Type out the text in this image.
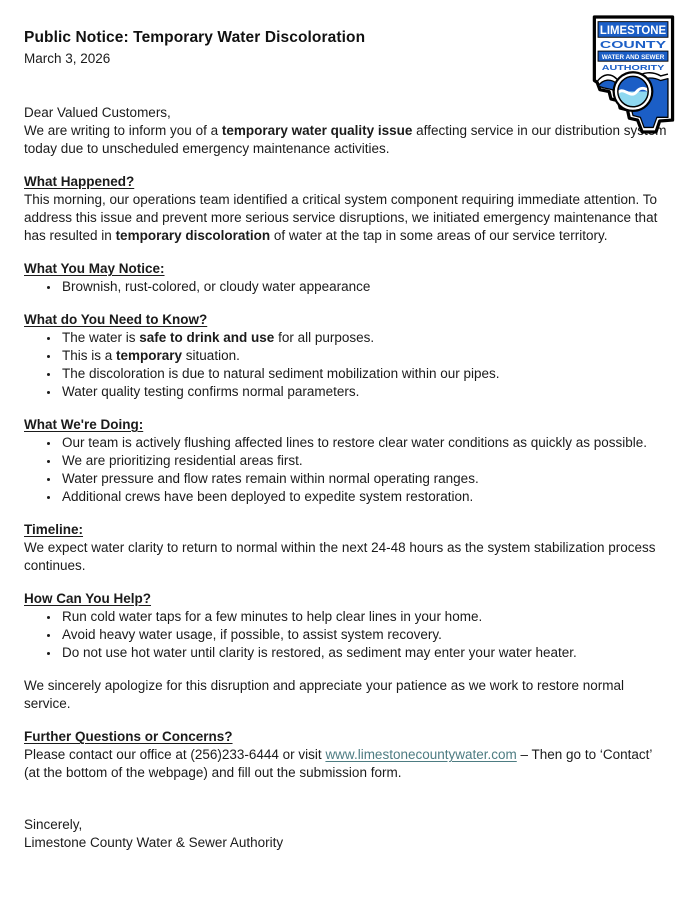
LIMESTONE
COUNTY
WATER AND SEWER
AUTHORITY
Public Notice: Temporary Water Discoloration
March 3, 2026

Dear Valued Customers,

We are writing to inform you of a temporary water quality issue affecting service in our distribution system today due to unscheduled emergency maintenance activities.

What Happened?

This morning, our operations team identified a critical system component requiring immediate attention. To address this issue and prevent more serious service disruptions, we initiated emergency maintenance that has resulted in temporary discoloration of water at the tap in some areas of our service territory.

What You May Notice:
• Brownish, rust-colored, or cloudy water appearance
What do You Need to Know?
• The water is safe to drink and use for all purposes.
• This is a temporary situation.
• The discoloration is due to natural sediment mobilization within our pipes.
• Water quality testing confirms normal parameters.
What We're Doing:
• Our team is actively flushing affected lines to restore clear water conditions as quickly as possible.
• We are prioritizing residential areas first.
• Water pressure and flow rates remain within normal operating ranges.
• Additional crews have been deployed to expedite system restoration.
Timeline:

We expect water clarity to return to normal within the next 24-48 hours as the system stabilization process continues.

How Can You Help?
• Run cold water taps for a few minutes to help clear lines in your home.
• Avoid heavy water usage, if possible, to assist system recovery.
• Do not use hot water until clarity is restored, as sediment may enter your water heater.

We sincerely apologize for this disruption and appreciate your patience as we work to restore normal service.

Further Questions or Concerns?

Please contact our office at (256)233-6444 or visit www.limestonecountywater.com – Then go to ‘Contact’ (at the bottom of the webpage) and fill out the submission form.

Sincerely,
Limestone County Water & Sewer Authority
